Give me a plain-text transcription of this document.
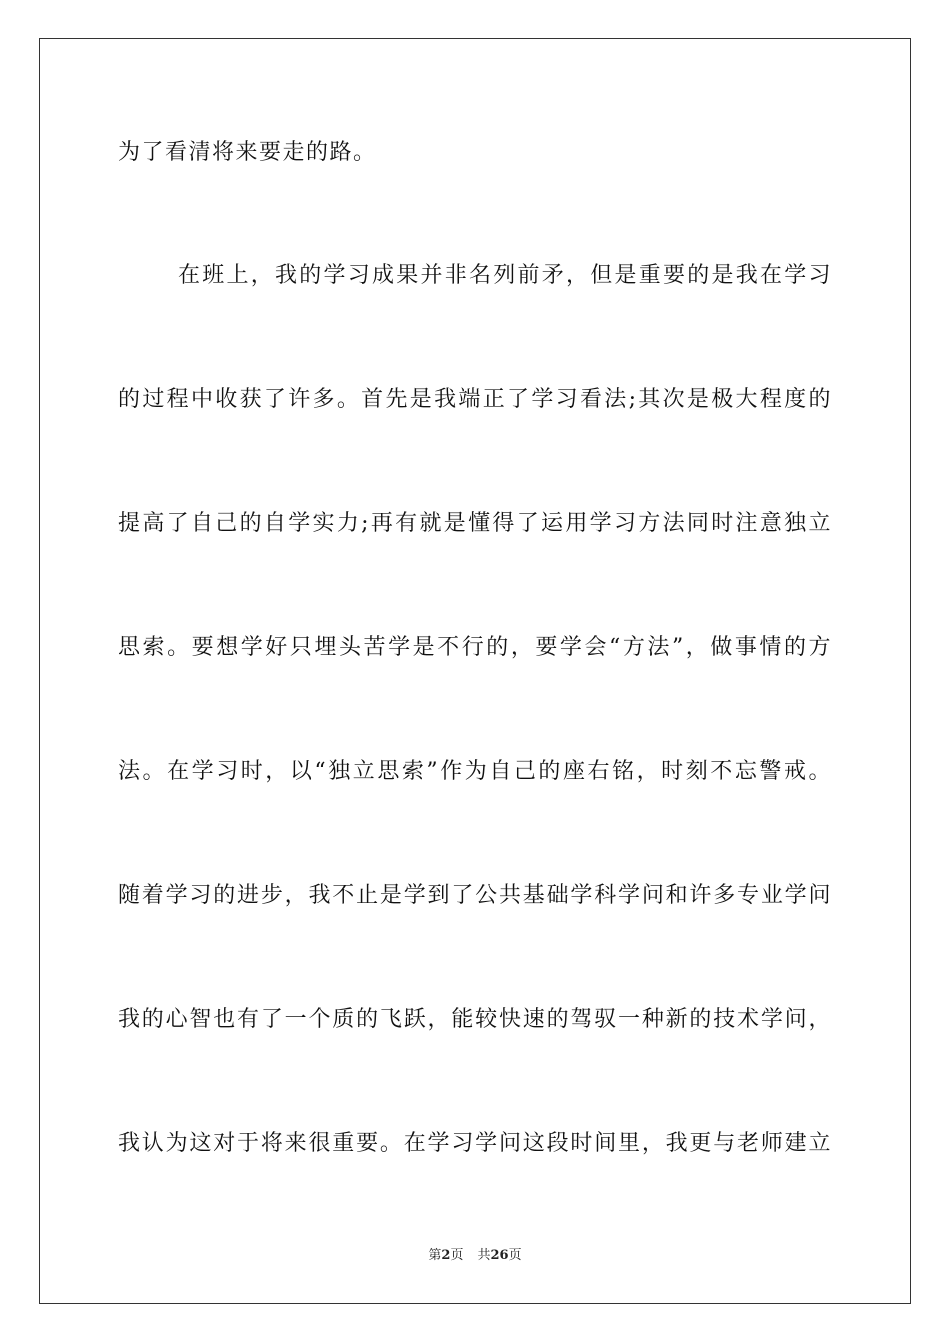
为了看清将来要走的路。
在班上，我的学习成果并非名列前矛，但是重要的是我在学习
的过程中收获了许多。首先是我端正了学习看法;其次是极大程度的
提高了自己的自学实力;再有就是懂得了运用学习方法同时注意独立
思索。要想学好只埋头苦学是不行的，要学会“方法”，做事情的方
法。在学习时，以“独立思索”作为自己的座右铭，时刻不忘警戒。
随着学习的进步，我不止是学到了公共基础学科学问和许多专业学问
我的心智也有了一个质的飞跃，能较快速的驾驭一种新的技术学问，
我认为这对于将来很重要。在学习学问这段时间里，我更与老师建立
第2页 共26页
